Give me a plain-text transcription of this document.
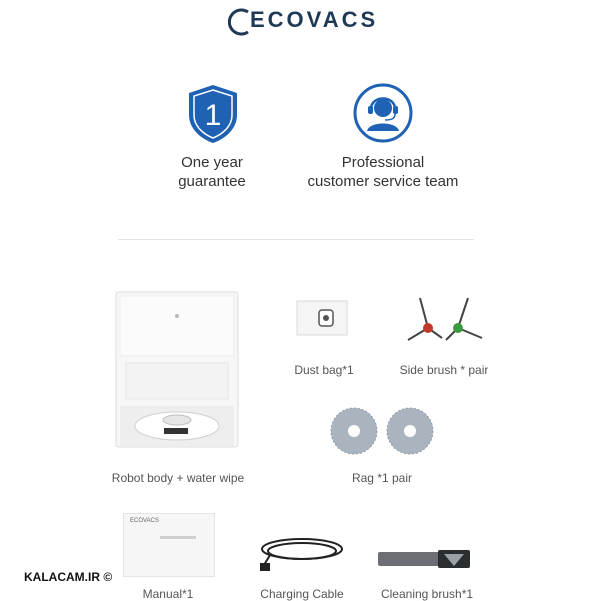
ECOVACS
1
One year
guarantee
Professional
customer service team
Robot body + water wipe
Dust bag*1	Side brush * pair
Rag *1 pair
ECOVACS
Manual*1	Charging Cable	Cleaning brush*1
KALACAM.IR ©
